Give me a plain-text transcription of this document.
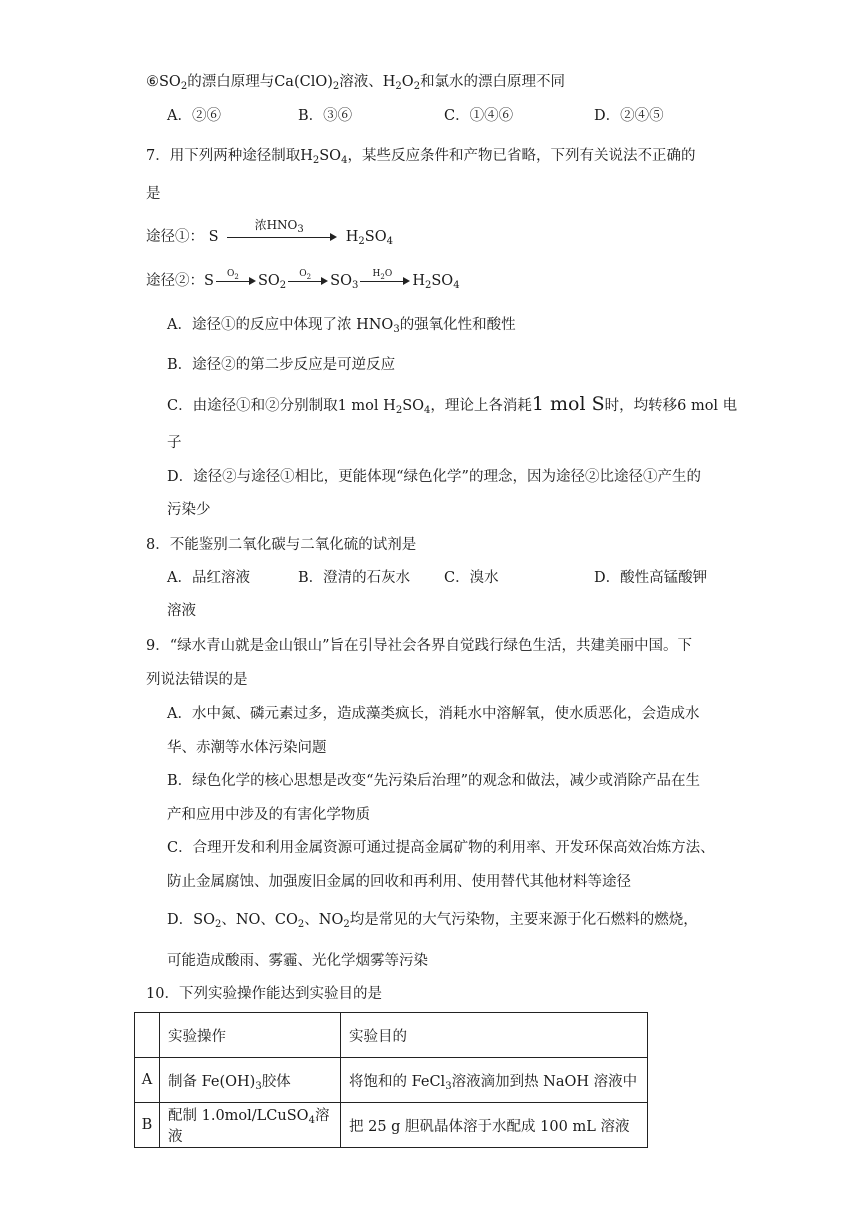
$⑥SO_2$的漂白原理与$Ca(ClO)_2$溶液、$H_2O_2$和氯水的漂白原理不同
A．②⑥	B．③⑥	C．①④⑥	D．②④⑤
7．用下列两种途径制取$H_2SO_4$，某些反应条件和产物已省略，下列有关说法不正确的
是
途径①： S
浓$HNO_3$	$H_2SO_4$
途径②：S	$O_2$	$SO_2$
$O_2$	$SO_3$
$H_2O$	$H_2SO_4$
A．途径①的反应中体现了浓 $HNO_3$的强氧化性和酸性
B．途径②的第二步反应是可逆反应
C．由途径①和②分别制取1 mol $H_2SO_4$，理论上各消耗1 mol S时，均转移6 mol 电
子
D．途径②与途径①相比，更能体现“绿色化学”的理念，因为途径②比途径①产生的
污染少
8．不能鉴别二氧化碳与二氧化硫的试剂是
A．品红溶液	B．澄清的石灰水 C．溴水	D．酸性高锰酸钾
溶液
9．“绿水青山就是金山银山”旨在引导社会各界自觉践行绿色生活，共建美丽中国。下
列说法错误的是
A．水中氮、磷元素过多，造成藻类疯长，消耗水中溶解氧，使水质恶化，会造成水
华、赤潮等水体污染问题
B．绿色化学的核心思想是改变“先污染后治理”的观念和做法，减少或消除产品在生
产和应用中涉及的有害化学物质
C．合理开发和利用金属资源可通过提高金属矿物的利用率、开发环保高效冶炼方法、
防止金属腐蚀、加强废旧金属的回收和再利用、使用替代其他材料等途径
D．$SO_2$、NO、$CO_2$、$NO_2$均是常见的大气污染物，主要来源于化石燃料的燃烧，
可能造成酸雨、雾霾、光化学烟雾等污染
10．下列实验操作能达到实验目的是
	实验操作	实验目的
A	制备 $Fe(OH)_3$胶体	将饱和的 FeCl$_3$溶液滴加到热 NaOH 溶液中
B	配制 1.0mol/LCuSO$_4$溶液	把 25 g 胆矾晶体溶于水配成 100 mL 溶液
